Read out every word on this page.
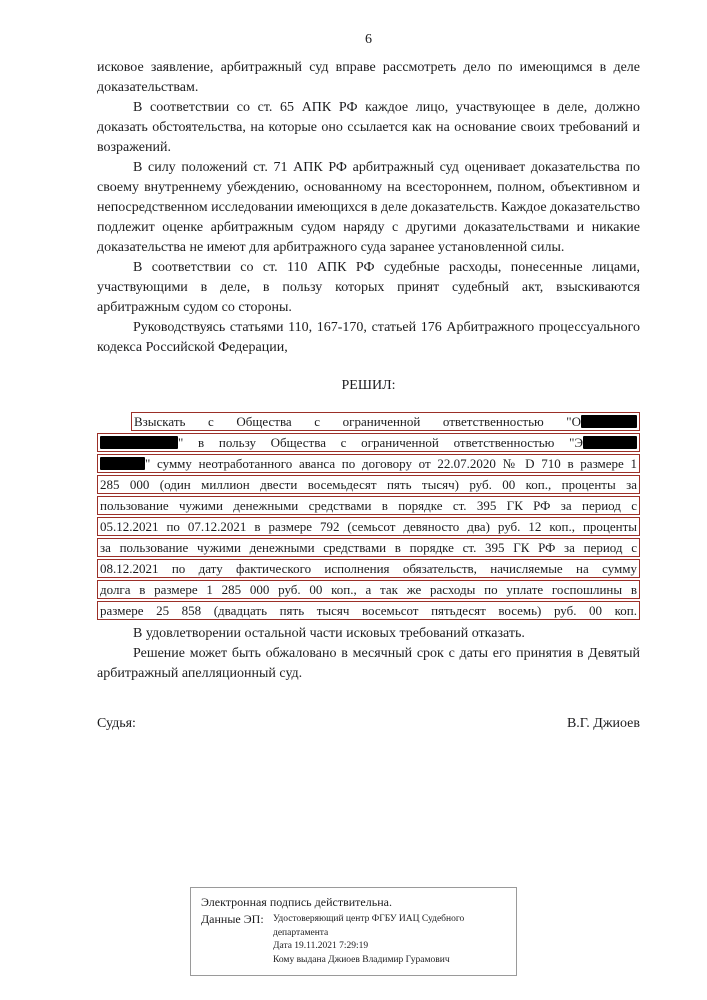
6

исковое заявление, арбитражный суд вправе рассмотреть дело по имеющимся в деле доказательствам.

В соответствии со ст. 65 АПК РФ каждое лицо, участвующее в деле, должно доказать обстоятельства, на которые оно ссылается как на основание своих требований и возражений.

В силу положений ст. 71 АПК РФ арбитражный суд оценивает доказательства по своему внутреннему убеждению, основанному на всестороннем, полном, объективном и непосредственном исследовании имеющихся в деле доказательств. Каждое доказательство подлежит оценке арбитражным судом наряду с другими доказательствами и никакие доказательства не имеют для арбитражного суда заранее установленной силы.

В соответствии со ст. 110 АПК РФ судебные расходы, понесенные лицами, участвующими в деле, в пользу которых принят судебный акт, взыскиваются арбитражным судом со стороны.

Руководствуясь статьями 110, 167-170, статьей 176 Арбитражного процессуального кодекса Российской Федерации,

РЕШИЛ:
Взыскать с Общества с ограниченной ответственностью "О
" в пользу Общества с ограниченной ответственностью "Э
" сумму неотработанного аванса по договору от 22.07.2020 № D 710 в размере 1
285 000 (один миллион двести восемьдесят пять тысяч) руб. 00 коп., проценты за
пользование чужими денежными средствами в порядке ст. 395 ГК РФ за период с
05.12.2021 по 07.12.2021 в размере 792 (семьсот девяносто два) руб. 12 коп., проценты
за пользование чужими денежными средствами в порядке ст. 395 ГК РФ за период с
08.12.2021 по дату фактического исполнения обязательств, начисляемые на сумму
долга в размере 1 285 000 руб. 00 коп., а так же расходы по уплате госпошлины в
размере 25 858 (двадцать пять тысяч восемьсот пятьдесят восемь) руб. 00 коп.

В удовлетворении остальной части исковых требований отказать.

Решение может быть обжаловано в месячный срок с даты его принятия в Девятый арбитражный апелляционный суд.

Судья:	В.Г. Джиоев
Электронная подпись действительна.
Данные ЭП: Удостоверяющий центр ФГБУ ИАЦ Судебного департамента
Дата 19.11.2021 7:29:19
Кому выдана Джиоев Владимир Гурамович
